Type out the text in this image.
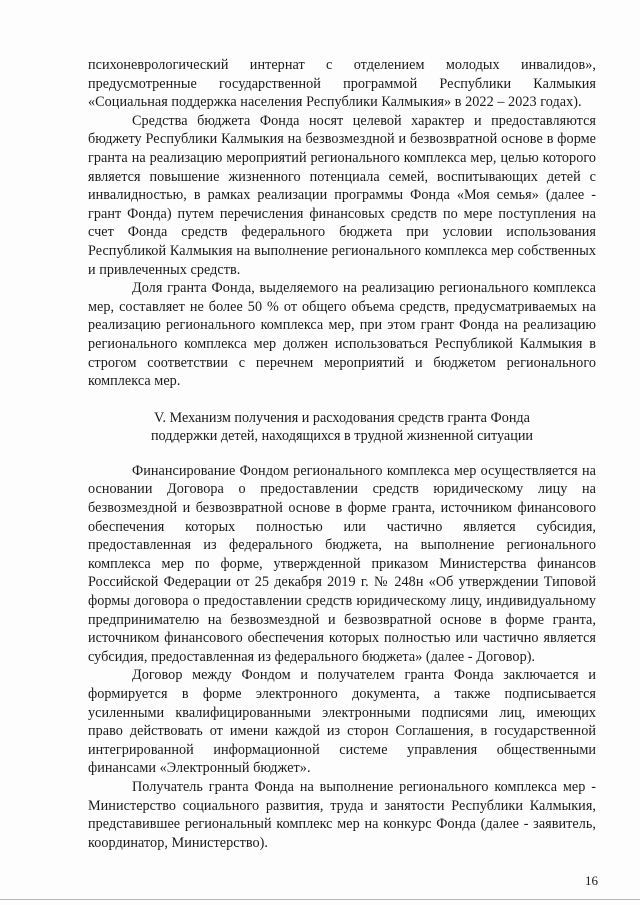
психоневрологический интернат с отделением молодых инвалидов», предусмотренные государственной программой Республики Калмыкия «Социальная поддержка населения Республики Калмыкия» в 2022 – 2023 годах).

Средства бюджета Фонда носят целевой характер и предоставляются бюджету Республики Калмыкия на безвозмездной и безвозвратной основе в форме гранта на реализацию мероприятий регионального комплекса мер, целью которого является повышение жизненного потенциала семей, воспитывающих детей с инвалидностью, в рамках реализации программы Фонда «Моя семья» (далее - грант Фонда) путем перечисления финансовых средств по мере поступления на счет Фонда средств федерального бюджета при условии использования Республикой Калмыкия на выполнение регионального комплекса мер собственных и привлеченных средств.

Доля гранта Фонда, выделяемого на реализацию регионального комплекса мер, составляет не более 50 % от общего объема средств, предусматриваемых на реализацию регионального комплекса мер, при этом грант Фонда на реализацию регионального комплекса мер должен использоваться Республикой Калмыкия в строгом соответствии с перечнем мероприятий и бюджетом регионального комплекса мер.

V. Механизм получения и расходования средств гранта Фонда
поддержки детей, находящихся в трудной жизненной ситуации

Финансирование Фондом регионального комплекса мер осуществляется на основании Договора о предоставлении средств юридическому лицу на безвозмездной и безвозвратной основе в форме гранта, источником финансового обеспечения которых полностью или частично является субсидия, предоставленная из федерального бюджета, на выполнение регионального комплекса мер по форме, утвержденной приказом Министерства финансов Российской Федерации от 25 декабря 2019 г. № 248н «Об утверждении Типовой формы договора о предоставлении средств юридическому лицу, индивидуальному предпринимателю на безвозмездной и безвозвратной основе в форме гранта, источником финансового обеспечения которых полностью или частично является субсидия, предоставленная из федерального бюджета» (далее - Договор).

Договор между Фондом и получателем гранта Фонда заключается и формируется в форме электронного документа, а также подписывается усиленными квалифицированными электронными подписями лиц, имеющих право действовать от имени каждой из сторон Соглашения, в государственной интегрированной информационной системе управления общественными финансами «Электронный бюджет».

Получатель гранта Фонда на выполнение регионального комплекса мер - Министерство социального развития, труда и занятости Республики Калмыкия, представившее региональный комплекс мер на конкурс Фонда (далее - заявитель, координатор, Министерство).

16
